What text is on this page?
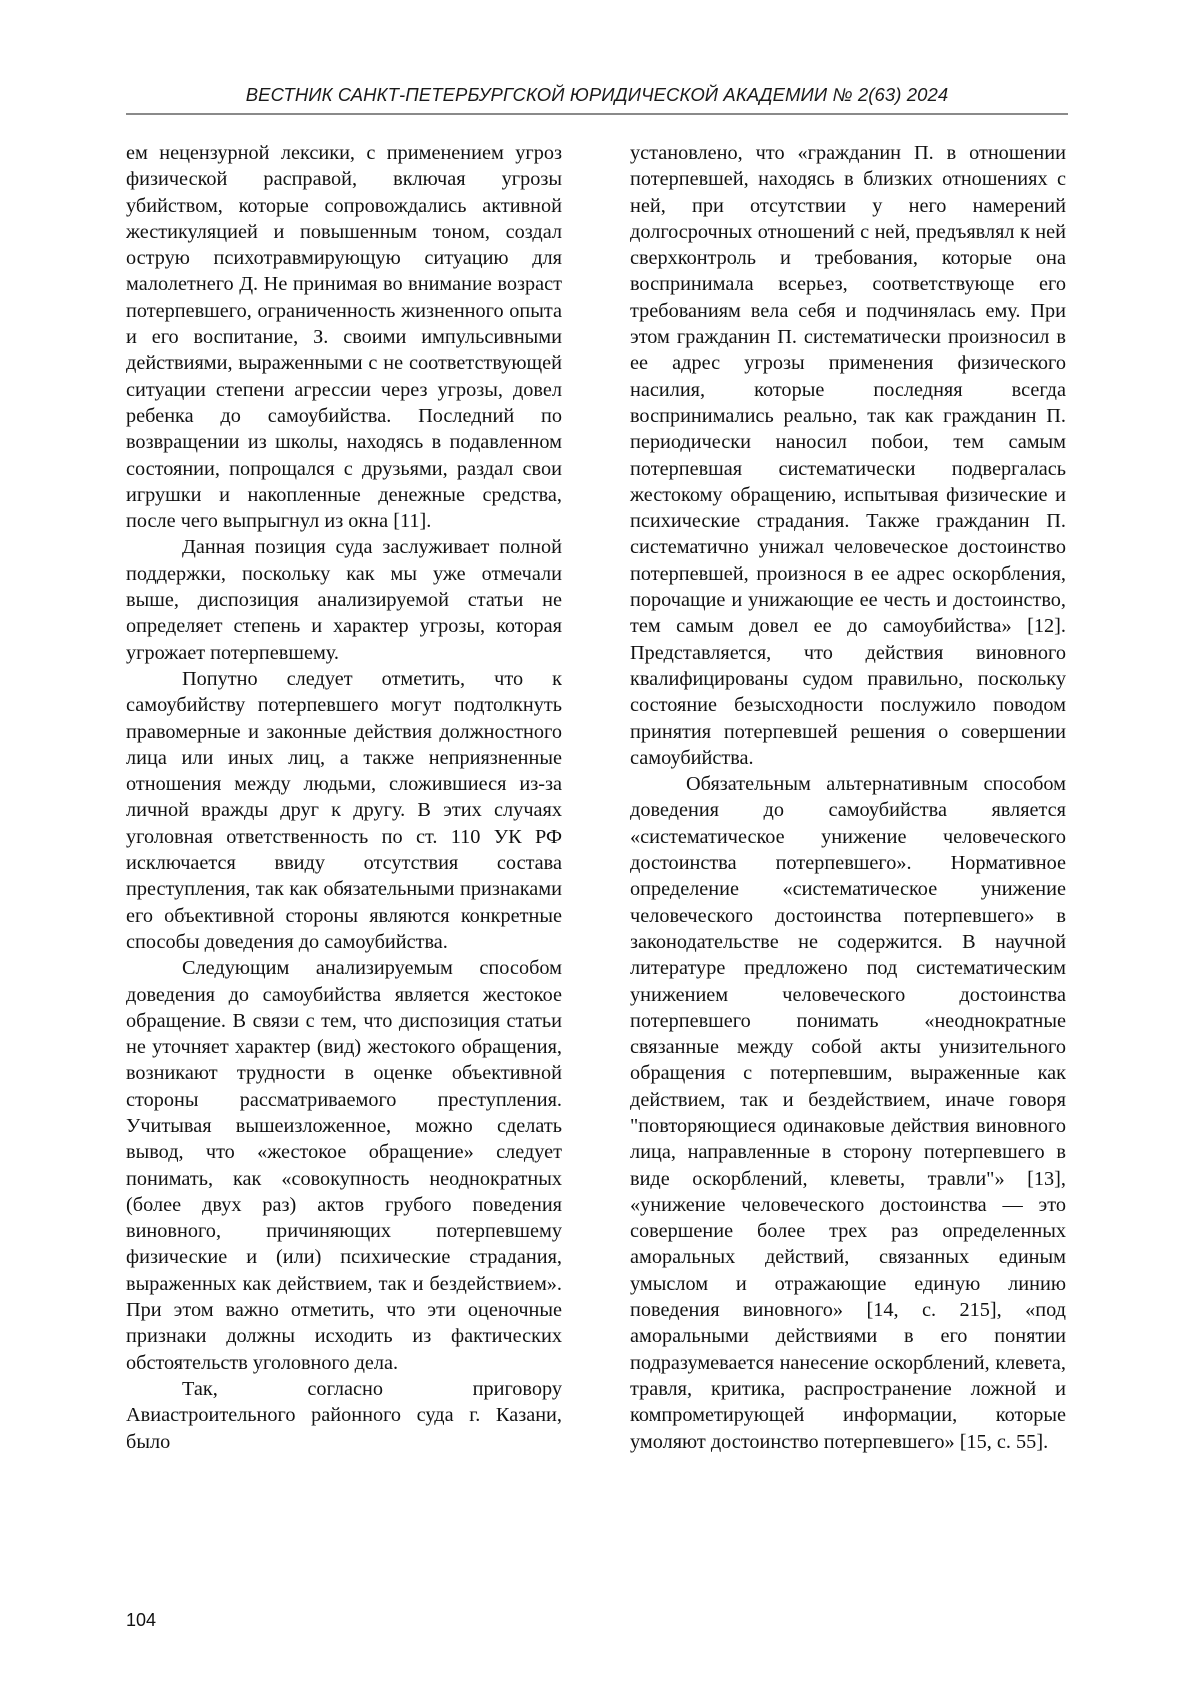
ВЕСТНИК САНКТ-ПЕТЕРБУРГСКОЙ ЮРИДИЧЕСКОЙ АКАДЕМИИ № 2(63) 2024

ем нецензурной лексики, с применением угроз физической расправой, включая угрозы убийством, которые сопровождались активной жестикуляцией и повышенным тоном, создал острую психотравмирующую ситуацию для малолетнего Д. Не принимая во внимание возраст потерпевшего, ограниченность жизненного опыта и его воспитание, З. своими импульсивными действиями, выраженными с не соответствующей ситуации степени агрессии через угрозы, довел ребенка до самоубийства. Последний по возвращении из школы, находясь в подавленном состоянии, попрощался с друзьями, раздал свои игрушки и накопленные денежные средства, после чего выпрыгнул из окна [11].

Данная позиция суда заслуживает полной поддержки, поскольку как мы уже отмечали выше, диспозиция анализируемой статьи не определяет степень и характер угрозы, которая угрожает потерпевшему.

Попутно следует отметить, что к самоубийству потерпевшего могут подтолкнуть правомерные и законные действия должностного лица или иных лиц, а также неприязненные отношения между людьми, сложившиеся из-за личной вражды друг к другу. В этих случаях уголовная ответственность по ст. 110 УК РФ исключается ввиду отсутствия состава преступления, так как обязательными признаками его объективной стороны являются конкретные способы доведения до самоубийства.

Следующим анализируемым способом доведения до самоубийства является жестокое обращение. В связи с тем, что диспозиция статьи не уточняет характер (вид) жестокого обращения, возникают трудности в оценке объективной стороны рассматриваемого преступления. Учитывая вышеизложенное, можно сделать вывод, что «жестокое обращение» следует понимать, как «совокупность неоднократных (более двух раз) актов грубого поведения виновного, причиняющих потерпевшему физические и (или) психические страдания, выраженных как действием, так и бездействием». При этом важно отметить, что эти оценочные признаки должны исходить из фактических обстоятельств уголовного дела.

Так, согласно приговору Авиастроительного районного суда г. Казани, было

установлено, что «гражданин П. в отношении потерпевшей, находясь в близких отношениях с ней, при отсутствии у него намерений долгосрочных отношений с ней, предъявлял к ней сверхконтроль и требования, которые она воспринимала всерьез, соответствующе его требованиям вела себя и подчинялась ему. При этом гражданин П. систематически произносил в ее адрес угрозы применения физического насилия, которые последняя всегда воспринимались реально, так как гражданин П. периодически наносил побои, тем самым потерпевшая систематически подвергалась жестокому обращению, испытывая физические и психические страдания. Также гражданин П. систематично унижал человеческое достоинство потерпевшей, произнося в ее адрес оскорбления, порочащие и унижающие ее честь и достоинство, тем самым довел ее до самоубийства» [12]. Представляется, что действия виновного квалифицированы судом правильно, поскольку состояние безысходности послужило поводом принятия потерпевшей решения о совершении самоубийства.

Обязательным альтернативным способом доведения до самоубийства является «систематическое унижение человеческого достоинства потерпевшего». Нормативное определение «систематическое унижение человеческого достоинства потерпевшего» в законодательстве не содержится. В научной литературе предложено под систематическим унижением человеческого достоинства потерпевшего понимать «неоднократные связанные между собой акты унизительного обращения с потерпевшим, выраженные как действием, так и бездействием, иначе говоря "повторяющиеся одинаковые действия виновного лица, направленные в сторону потерпевшего в виде оскорблений, клеветы, травли"» [13], «унижение человеческого достоинства — это совершение более трех раз определенных аморальных действий, связанных единым умыслом и отражающие единую линию поведения виновного» [14, с. 215], «под аморальными действиями в его понятии подразумевается нанесение оскорблений, клевета, травля, критика, распространение ложной и компрометирующей информации, которые умоляют достоинство потерпевшего» [15, с. 55].

104
